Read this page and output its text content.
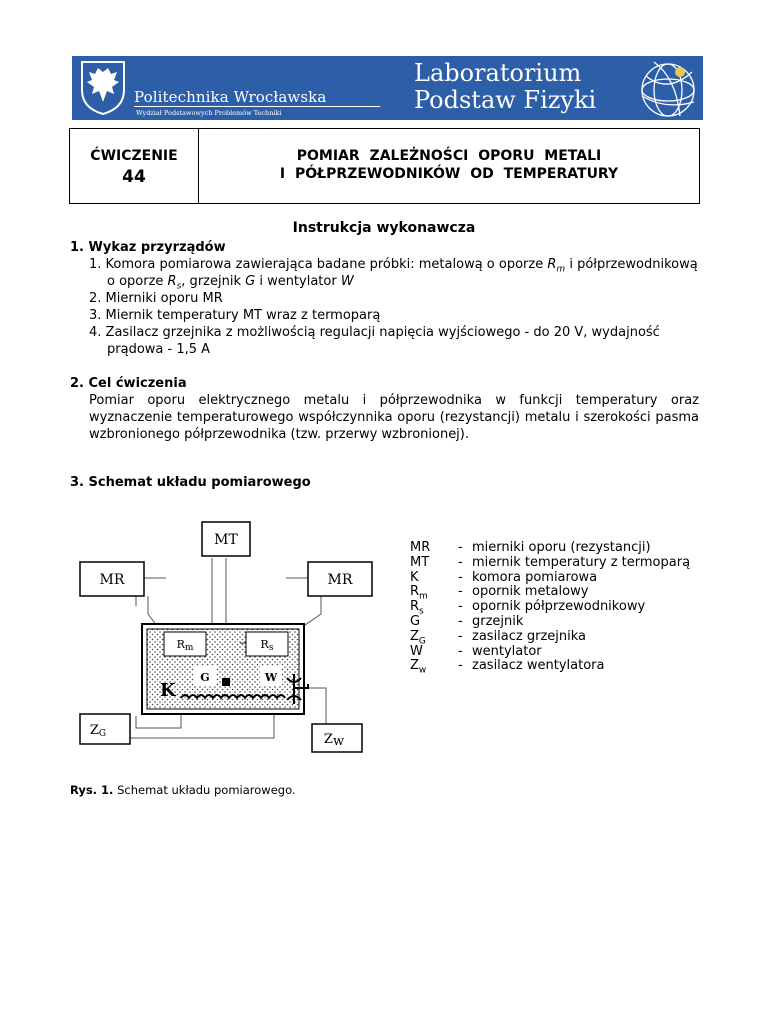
Politechnika Wrocławska
Wydział Podstawowych Problemów Techniki
Laboratorium
Podstaw Fizyki
ĆWICZENIE
44
POMIAR ZALEŻNOŚCI OPORU METALI
I PÓŁPRZEWODNIKÓW OD TEMPERATURY
Instrukcja wykonawcza
1. Wykaz przyrządów
1. Komora pomiarowa zawierająca badane próbki: metalową o oporze $R_m$ i półprzewodnikową
o oporze $R_s$, grzejnik G i wentylator W
2. Mierniki oporu MR
3. Miernik temperatury MT wraz z termoparą
4. Zasilacz grzejnika z możliwością regulacji napięcia wyjściowego - do 20 V, wydajność
prądowa - 1,5 A
2. Cel ćwiczenia
Pomiar oporu elektrycznego metalu i półprzewodnika w funkcji temperatury oraz
wyznaczenie temperaturowego współczynnika oporu (rezystancji) metalu i szerokości pasma
wzbronionego półprzewodnika (tzw. przerwy wzbronionej).
3. Schemat układu pomiarowego
MT
MR	MR
Rm	Rs
G	W
K
ZG	Zw
MR - mierniki oporu (rezystancji)
MT - miernik temperatury z termoparą
K	- komora pomiarowa
$R_m$ - opornik metalowy
$R_s$	- opornik półprzewodnikowy
G	- grzejnik
$Z_G$ - zasilacz grzejnika
W	- wentylator
$Z_w$ - zasilacz wentylatora
Rys. 1. Schemat układu pomiarowego.
